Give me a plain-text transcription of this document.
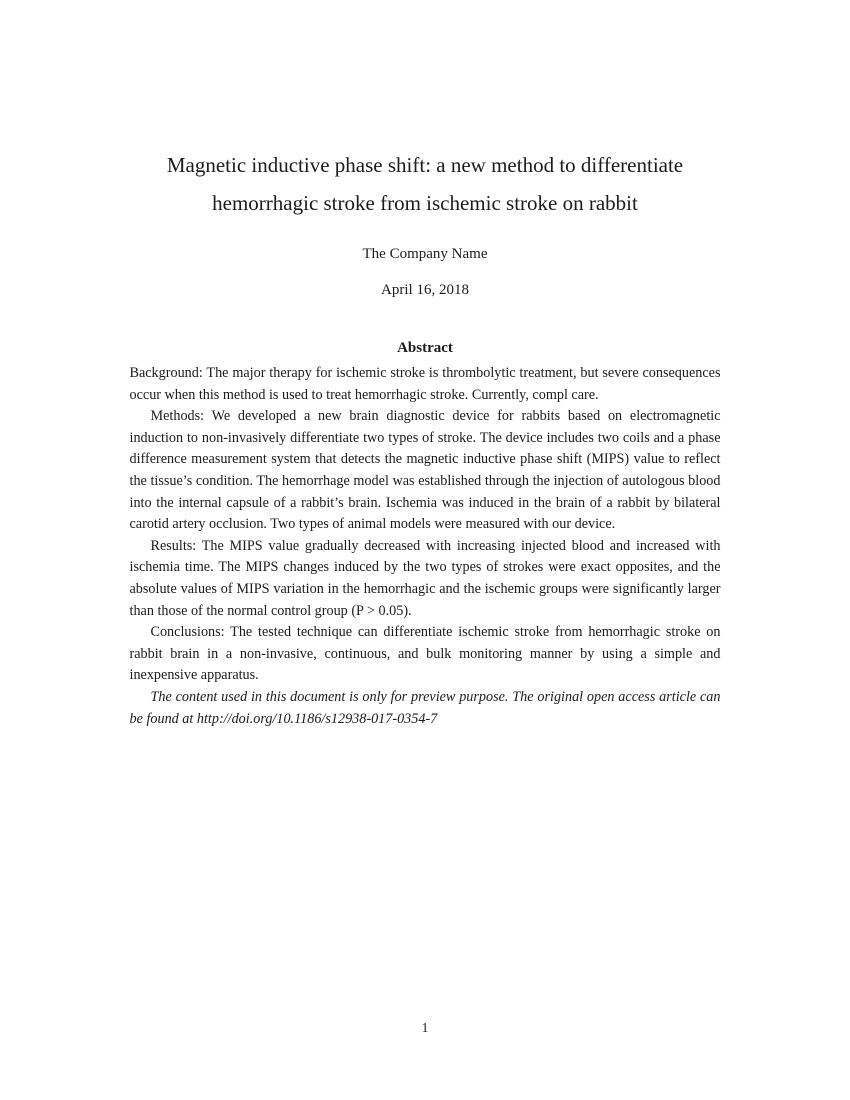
Magnetic inductive phase shift: a new method to differentiate
hemorrhagic stroke from ischemic stroke on rabbit
The Company Name
April 16, 2018
Abstract

Background: The major therapy for ischemic stroke is thrombolytic treatment, but severe consequences occur when this method is used to treat hemorrhagic stroke. Currently, compl care.

Methods: We developed a new brain diagnostic device for rabbits based on electromagnetic induction to non-invasively differentiate two types of stroke. The device includes two coils and a phase difference measurement system that detects the magnetic inductive phase shift (MIPS) value to reflect the tissue’s condition. The hemorrhage model was established through the injection of autologous blood into the internal capsule of a rabbit’s brain. Ischemia was induced in the brain of a rabbit by bilateral carotid artery occlusion. Two types of animal models were measured with our device.

Results: The MIPS value gradually decreased with increasing injected blood and increased with ischemia time. The MIPS changes induced by the two types of strokes were exact opposites, and the absolute values of MIPS variation in the hemorrhagic and the ischemic groups were significantly larger than those of the normal control group (P > 0.05).

Conclusions: The tested technique can differentiate ischemic stroke from hemorrhagic stroke on rabbit brain in a non-invasive, continuous, and bulk monitoring manner by using a simple and inexpensive apparatus.

The content used in this document is only for preview purpose. The original open access article can be found at http://doi.org/10.1186/s12938-017-0354-7

1
